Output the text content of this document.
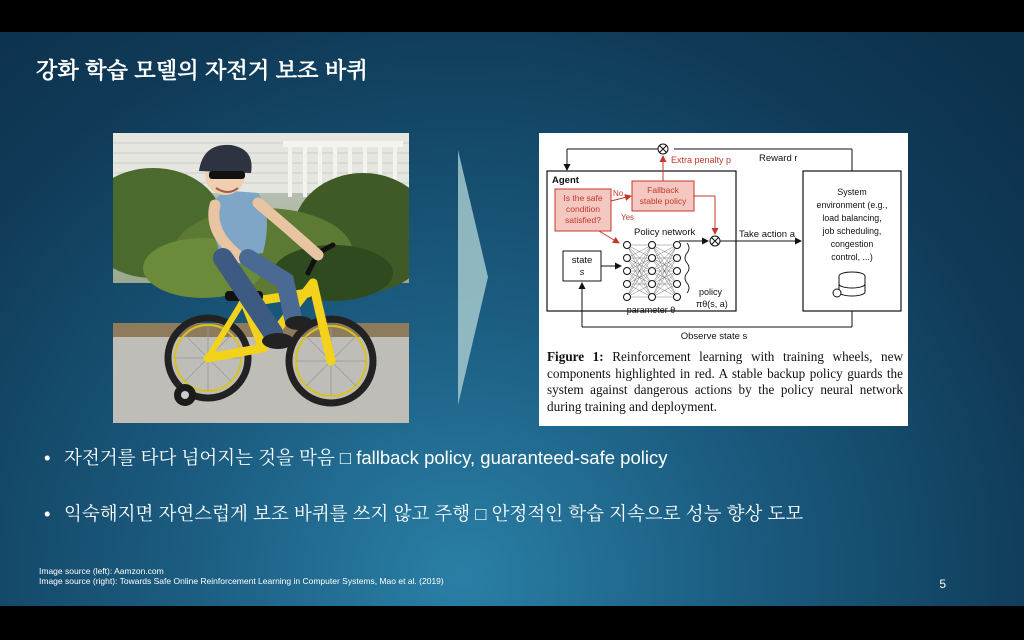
강화 학습 모델의 자전거 보조 바퀴
Agent
Is the safe
condition
satisfied?
Fallback
stable policy
No
Yes
state
s
Policy network
parameter θ
policy
πθ(s, a)
Take action a
System
environment (e.g.,
load balancing,
job scheduling,
congestion
control, ...)
Reward r
Extra penalty p
Observe state s
Figure 1: Reinforcement learning with training wheels, new components highlighted in red. A stable backup policy guards the system against dangerous actions by the policy neural network during training and deployment.
• 자전거를 타다 넘어지는 것을 막음 □ fallback policy, guaranteed-safe policy
• 익숙해지면 자연스럽게 보조 바퀴를 쓰지 않고 주행 □ 안정적인 학습 지속으로 성능 향상 도모
Image source (left): Aamzon.com
Image source (right): Towards Safe Online Reinforcement Learning in Computer Systems, Mao et al. (2019)	5
